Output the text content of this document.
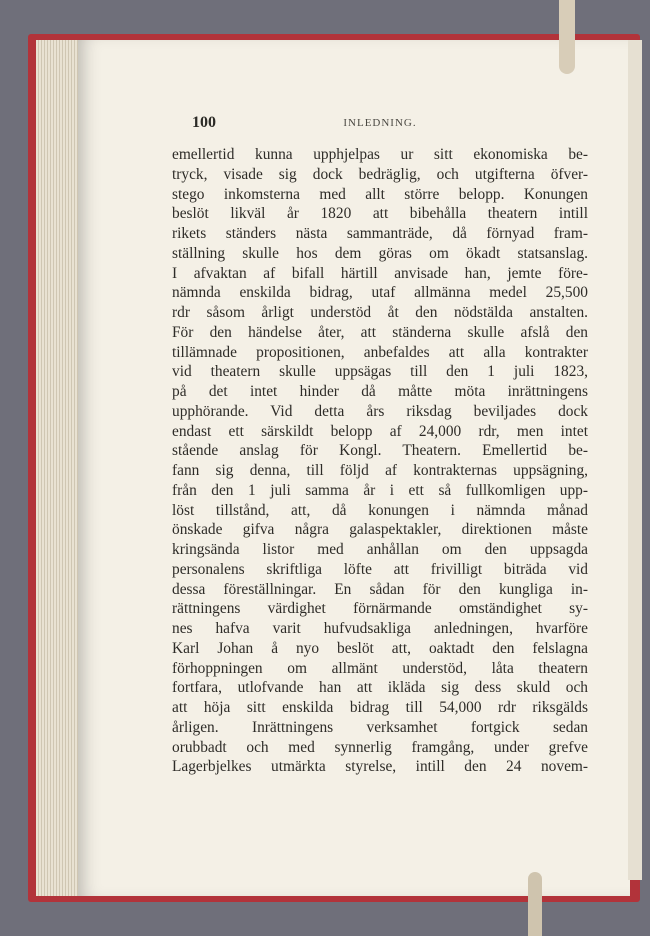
100	INLEDNING.
emellertid kunna upphjelpas ur sitt ekonomiska be-
tryck, visade sig dock bedräglig, och utgifterna öfver-
stego inkomsterna med allt större belopp. Konungen
beslöt likväl år 1820 att bibehålla theatern intill
rikets ständers nästa sammanträde, då förnyad fram-
ställning skulle hos dem göras om ökadt statsanslag.
I afvaktan af bifall härtill anvisade han, jemte före-
nämnda enskilda bidrag, utaf allmänna medel 25,500
rdr såsom årligt understöd åt den nödstälda anstalten.
För den händelse åter, att ständerna skulle afslå den
tillämnade propositionen, anbefaldes att alla kontrakter
vid theatern skulle uppsägas till den 1 juli 1823,
på det intet hinder då måtte möta inrättningens
upphörande. Vid detta års riksdag beviljades dock
endast ett särskildt belopp af 24,000 rdr, men intet
stående anslag för Kongl. Theatern. Emellertid be-
fann sig denna, till följd af kontrakternas uppsägning,
från den 1 juli samma år i ett så fullkomligen upp-
löst tillstånd, att, då konungen i nämnda månad
önskade gifva några galaspektakler, direktionen måste
kringsända listor med anhållan om den uppsagda
personalens skriftliga löfte att frivilligt biträda vid
dessa föreställningar. En sådan för den kungliga in-
rättningens värdighet förnärmande omständighet sy-
nes hafva varit hufvudsakliga anledningen, hvarföre
Karl Johan å nyo beslöt att, oaktadt den felslagna
förhoppningen om allmänt understöd, låta theatern
fortfara, utlofvande han att ikläda sig dess skuld och
att höja sitt enskilda bidrag till 54,000 rdr riksgälds
årligen. Inrättningens verksamhet fortgick sedan
orubbadt och med synnerlig framgång, under grefve
Lagerbjelkes utmärkta styrelse, intill den 24 novem-
